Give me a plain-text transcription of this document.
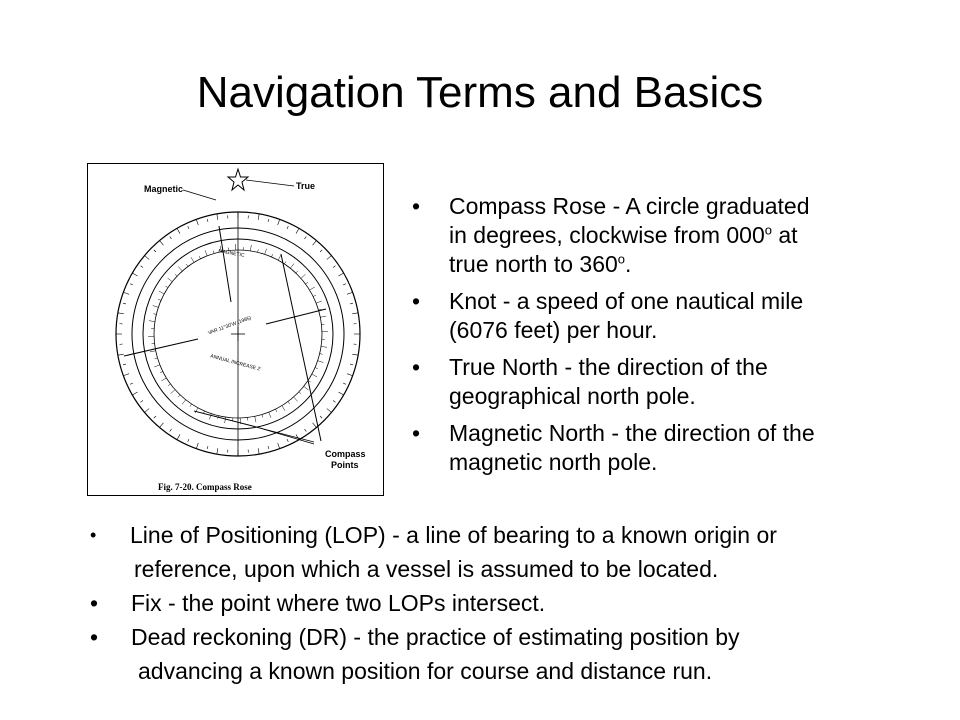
Navigation Terms and Basics
Magnetic	True
Compass
Points
MAGNETIC
VAR 11°30'W (1985)
ANNUAL INCREASE 2'
Fig. 7-20. Compass Rose
• Compass Rose - A circle graduated
in degrees, clockwise from 000$^o$ at
true north to 360$^o$.
• Knot - a speed of one nautical mile
(6076 feet) per hour.
• True North - the direction of the
geographical north pole.
• Magnetic North - the direction of the
magnetic north pole.
•	Line of Positioning (LOP) - a line of bearing to a known origin or
reference, upon which a vessel is assumed to be located.
•	Fix - the point where two LOPs intersect.
•	Dead reckoning (DR) - the practice of estimating position by
advancing a known position for course and distance run.
